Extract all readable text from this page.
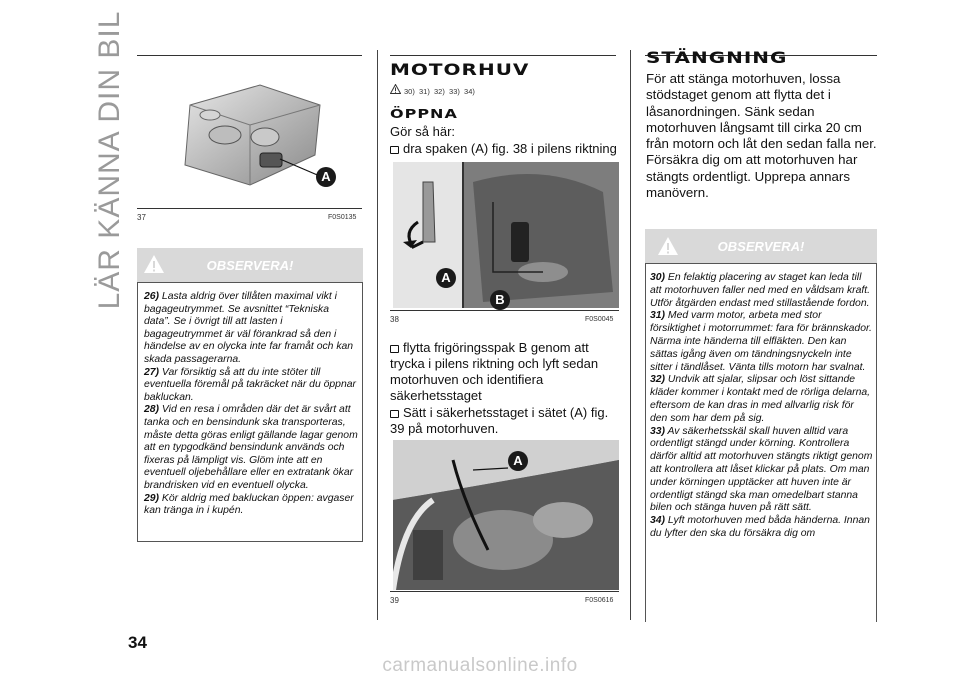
LÄR KÄNNA DIN BIL	A
37	F0S0135
OBSERVERA!

26) Lasta aldrig över tillåten maximal vikt i bagageutrymmet. Se avsnittet “Tekniska data”. Se i övrigt till att lasten i bagageutrymmet är väl förankrad så den i händelse av en olycka inte far framåt och kan skada passagerarna.

27) Var försiktig så att du inte stöter till eventuella föremål på takräcket när du öppnar bakluckan.

28) Vid en resa i områden där det är svårt att tanka och en bensindunk ska transporteras, måste detta göras enligt gällande lagar genom att en typgodkänd bensindunk används och fixeras på lämpligt vis. Glöm inte att en eventuell oljebehållare eller en extratank ökar brandrisken vid en eventuell olycka.

29) Kör aldrig med bakluckan öppen: avgaser kan tränga in i kupén.

MOTORHUV
30)  31)  32)  33)  34)
ÖPPNA
Gör så här:
dra spaken (A) fig. 38 i pilens riktning
A
B
38	F0S0045
flytta frigöringsspak B genom att trycka i pilens riktning och lyft sedan motorhuven och identifiera säkerhetsstaget
Sätt i säkerhetsstaget i sätet (A) fig. 39 på motorhuven.
A
39	F0S0616
STÄNGNING
För att stänga motorhuven, lossa stödstaget genom att flytta det i låsanordningen. Sänk sedan motorhuven långsamt till cirka 20 cm från motorn och låt den sedan falla ner. Försäkra dig om att motorhuven har stängts ordentligt. Upprepa annars manövern.
OBSERVERA!

30) En felaktig placering av staget kan leda till att motorhuven faller ned med en våldsam kraft. Utför åtgärden endast med stillastående fordon.

31) Med varm motor, arbeta med stor försiktighet i motorrummet: fara för brännskador. Närma inte händerna till elfläkten. Den kan sättas igång även om tändningsnyckeln inte sitter i tändlåset. Vänta tills motorn har svalnat.

32) Undvik att sjalar, slipsar och löst sittande kläder kommer i kontakt med de rörliga delarna, eftersom de kan dras in med allvarlig risk för den som har dem på sig.

33) Av säkerhetsskäl skall huven alltid vara ordentligt stängd under körning. Kontrollera därför alltid att motorhuven stängts riktigt genom att kontrollera att låset klickar på plats. Om man under körningen upptäcker att huven inte är ordentligt stängd ska man omedelbart stanna bilen och stänga huven på rätt sätt.

34) Lyft motorhuven med båda händerna. Innan du lyfter den ska du försäkra dig om

34
carmanualsonline.info
